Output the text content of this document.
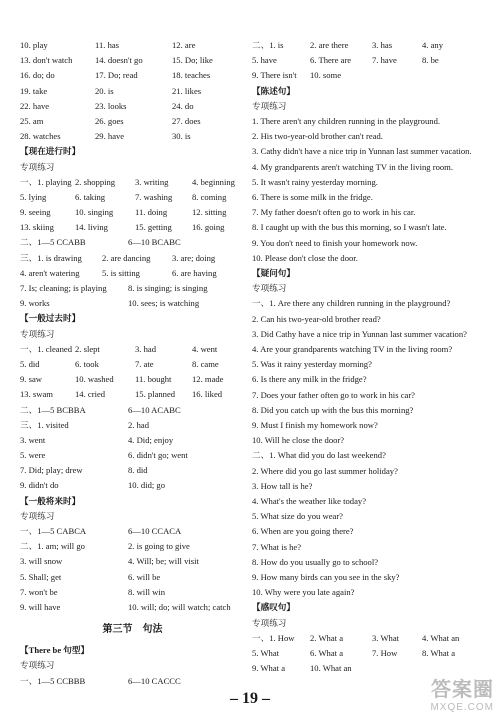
10. play	11. has	12. are
13. don't watch	14. doesn't go	15. Do; like
16. do; do	17. Do; read	18. teaches
19. take	20. is	21. likes
22. have	23. looks	24. do
25. am	26. goes	27. does
28. watches	29. have	30. is
【现在进行时】
专项练习
一、1. playing 2. shopping 3. writing	4. beginning
5. lying	6. taking	7. washing 8. coming
9. seeing	10. singing	11. doing	12. sitting
13. skiing 14. living	15. getting 16. going
二、1—5 CCABB	6—10 BCABC
三、1. is drawing 2. are dancing	3. are; doing
4. aren't watering	5. is sitting	6. are having
7. Is; cleaning; is playing 8. is singing; is singing
9. works	10. sees; is watching
【一般过去时】
专项练习
一、1. cleaned 2. slept	3. had	4. went
5. did	6. took	7. ate	8. came
9. saw	10. washed 11. bought 12. made
13. swam	14. cried	15. planned 16. liked
二、1—5 BCBBA	6—10 ACABC
三、1. visited	2. had
3. went	4. Did; enjoy
5. were	6. didn't go; went
7. Did; play; drew	8. did
9. didn't do	10. did; go
【一般将来时】
专项练习
一、1—5 CABCA	6—10 CCACA
二、1. am; will go	2. is going to give
3. will snow	4. Will; be; will visit
5. Shall; get	6. will be
7. won't be	8. will win
9. will have	10. will; do; will watch; catch
第三节　句法
【There be 句型】
专项练习
一、1—5 CCBBB	6—10 CACCC
二、1. is	2. are there	3. has	4. any
5. have	6. There are 7. have	8. be
9. There isn't 10. some
【陈述句】
专项练习
1. There aren't any children running in the playground.
2. His two-year-old brother can't read.
3. Cathy didn't have a nice trip in Yunnan last summer vacation.
4. My grandparents aren't watching TV in the living room.
5. It wasn't rainy yesterday morning.
6. There is some milk in the fridge.
7. My father doesn't often go to work in his car.
8. I caught up with the bus this morning, so I wasn't late.
9. You don't need to finish your homework now.
10. Please don't close the door.
【疑问句】
专项练习
一、1. Are there any children running in the playground?
2. Can his two-year-old brother read?
3. Did Cathy have a nice trip in Yunnan last summer vacation?
4. Are your grandparents watching TV in the living room?
5. Was it rainy yesterday morning?
6. Is there any milk in the fridge?
7. Does your father often go to work in his car?
8. Did you catch up with the bus this morning?
9. Must I finish my homework now?
10. Will he close the door?
二、1. What did you do last weekend?
2. Where did you go last summer holiday?
3. How tall is he?
4. What's the weather like today?
5. What size do you wear?
6. When are you going there?
7. What is he?
8. How do you usually go to school?
9. How many birds can you see in the sky?
10. Why were you late again?
【感叹句】
专项练习
一、1. How 2. What a	3. What	4. What an
5. What	6. What a	7. How	8. What a
9. What a	10. What an
– 19 –	答案圈
MXQE.COM
